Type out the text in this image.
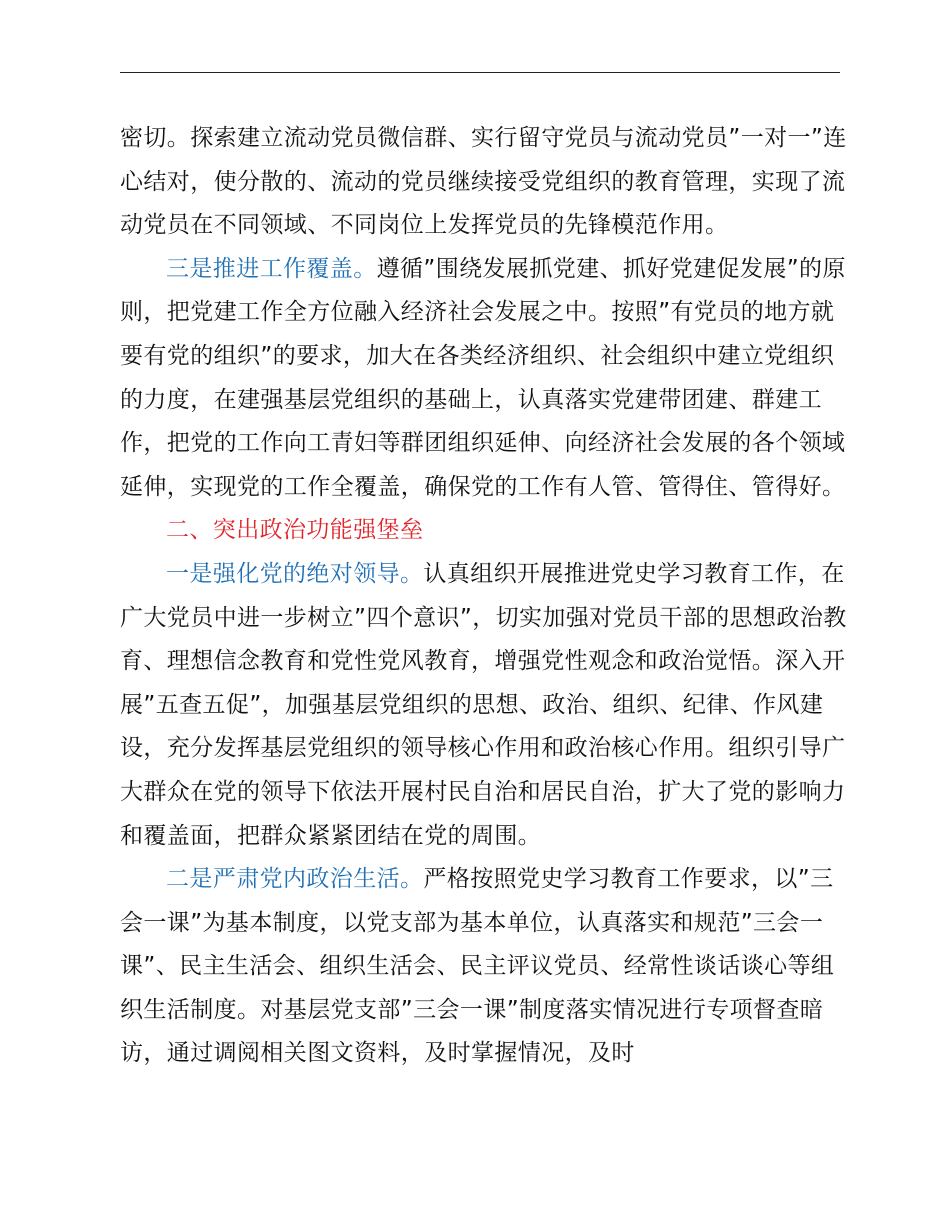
密切。探索建立流动党员微信群、实行留守党员与流动党员”一对一”连心结对，使分散的、流动的党员继续接受党组织的教育管理，实现了流动党员在不同领域、不同岗位上发挥党员的先锋模范作用。

三是推进工作覆盖。遵循”围绕发展抓党建、抓好党建促发展”的原则，把党建工作全方位融入经济社会发展之中。按照”有党员的地方就要有党的组织”的要求，加大在各类经济组织、社会组织中建立党组织的力度，在建强基层党组织的基础上，认真落实党建带团建、群建工作，把党的工作向工青妇等群团组织延伸、向经济社会发展的各个领域延伸，实现党的工作全覆盖，确保党的工作有人管、管得住、管得好。

二、突出政治功能强堡垒

一是强化党的绝对领导。认真组织开展推进党史学习教育工作，在广大党员中进一步树立”四个意识”，切实加强对党员干部的思想政治教育、理想信念教育和党性党风教育，增强党性观念和政治觉悟。深入开展”五查五促”，加强基层党组织的思想、政治、组织、纪律、作风建设，充分发挥基层党组织的领导核心作用和政治核心作用。组织引导广大群众在党的领导下依法开展村民自治和居民自治，扩大了党的影响力和覆盖面，把群众紧紧团结在党的周围。

二是严肃党内政治生活。严格按照党史学习教育工作要求，以”三会一课”为基本制度，以党支部为基本单位，认真落实和规范”三会一课”、民主生活会、组织生活会、民主评议党员、经常性谈话谈心等组织生活制度。对基层党支部”三会一课”制度落实情况进行专项督查暗访，通过调阅相关图文资料，及时掌握情况，及时
